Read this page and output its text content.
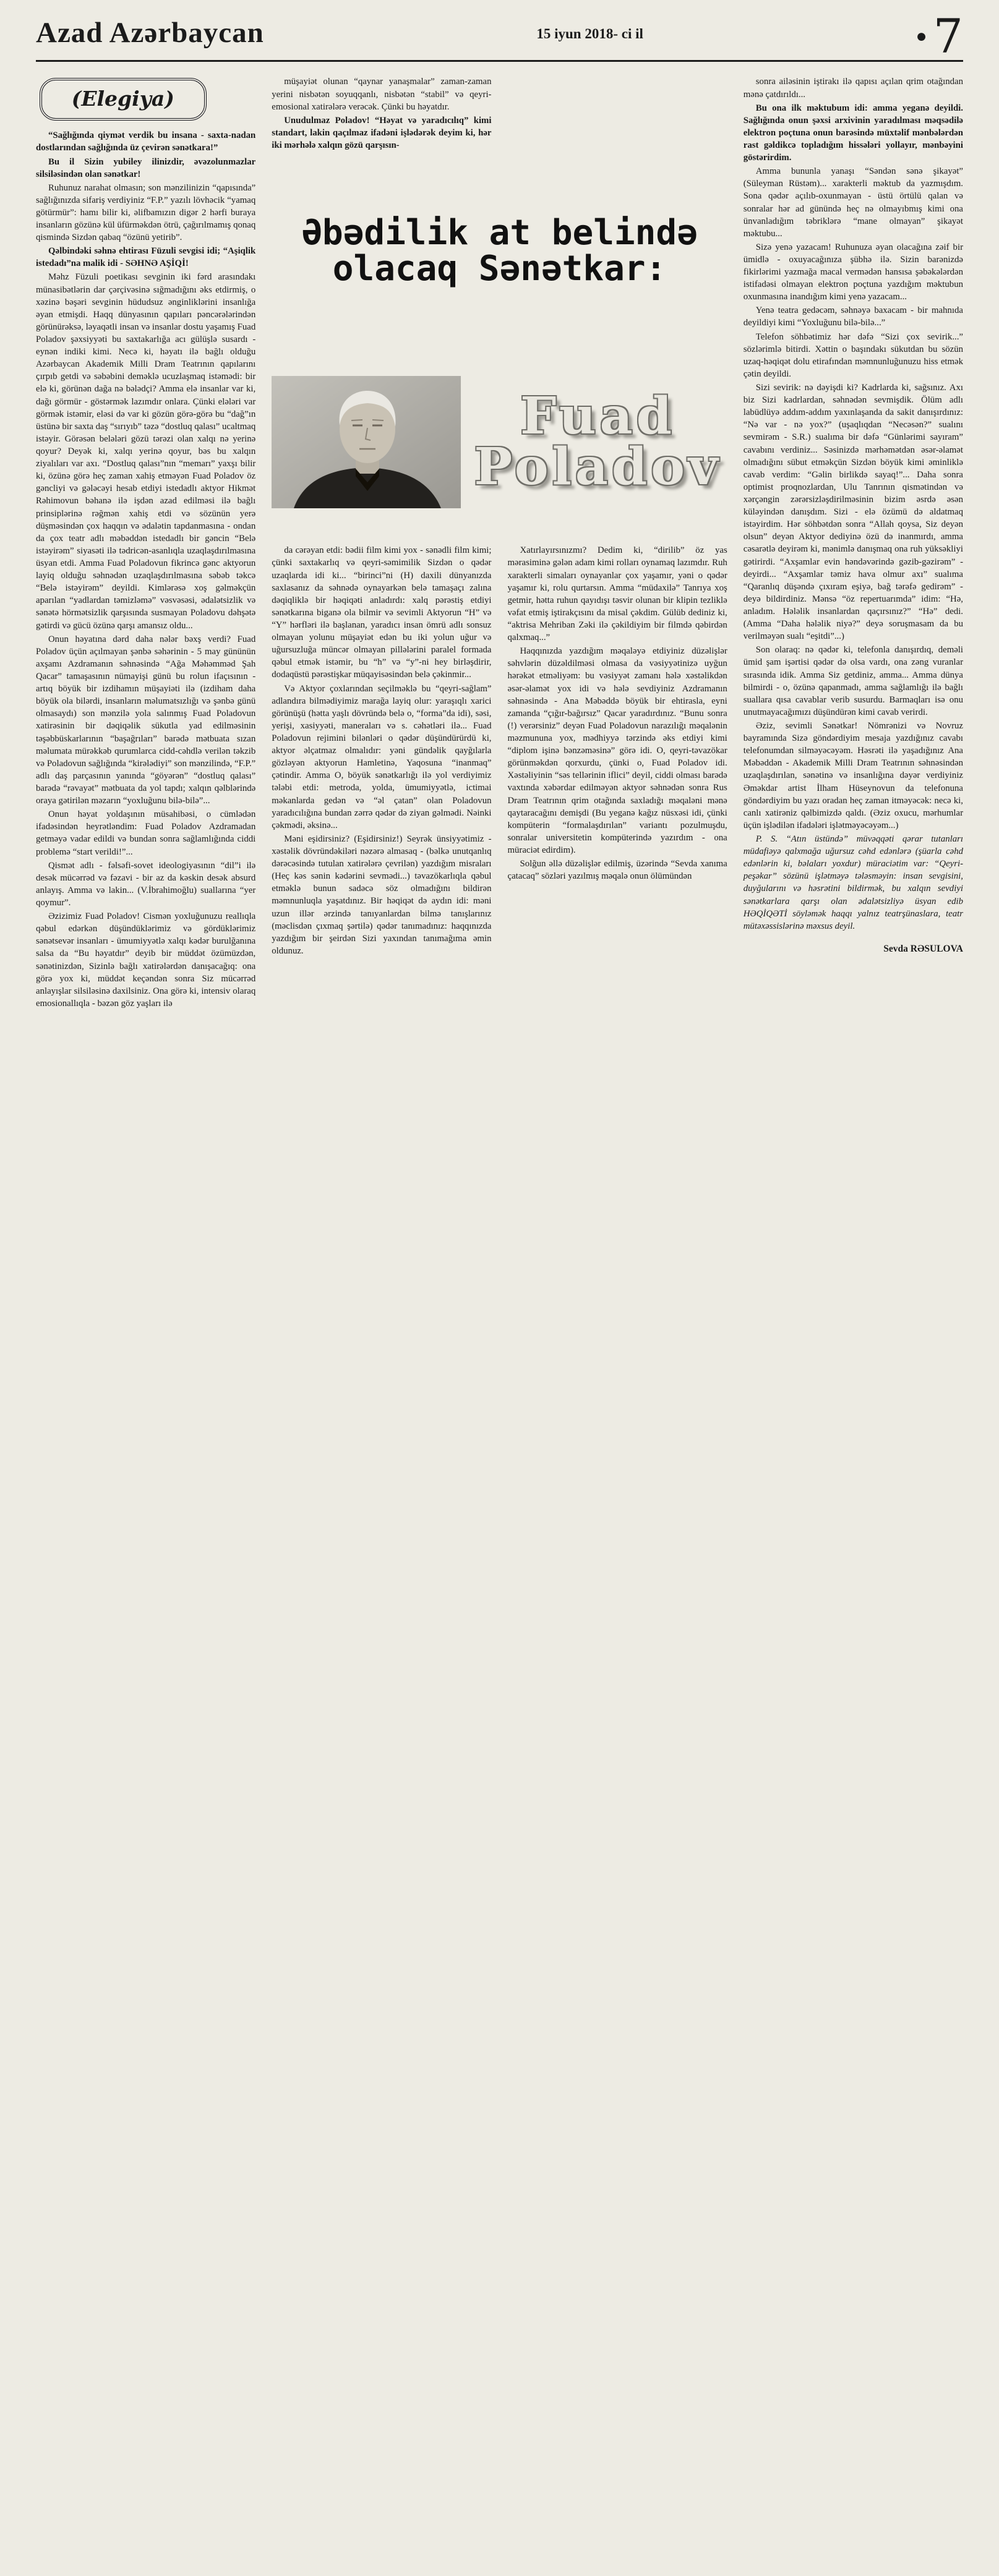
Azad Azərbaycan	15 iyun 2018- ci il	● 7
(Elegiya)

“Sağlığında qiymət verdik bu insana - saxta-nadan dostlarından sağlığında üz çevirən sənətkara!”

Bu il Sizin yubiley ilinizdir, əvəzolunmazlar silsiləsindən olan sənətkar!

Ruhunuz narahat olmasın; son mənzilinizin “qapısında” sağlığınızda sifariş verdiyiniz “F.P.” yazılı lövhəcik “yamaq götürmür”: hamı bilir ki, əlifbamızın digər 2 hərfi buraya insanların gözünə kül üfürməkdən ötrü, çağırılmamış qonaq qismində Sizdən qabaq “özünü yetirib”.

Qəlbindəki səhnə ehtirası Füzuli sevgisi idi; “Aşiqlik istedadı”na malik idi - SƏHNƏ AŞİQİ!

Məhz Füzuli poetikası sevginin iki fərd arasındakı münasibətlərin dar çərçivəsinə sığmadığını əks etdirmiş, o xəzinə bəşəri sevginin hüdudsuz ənginliklərini insanlığa əyan etmişdi. Haqq dünyasının qapıları pəncərələrindən görünürəksə, ləyaqətli insan və insanlar dostu yaşamış Fuad Poladov şəxsiyyəti bu saxtakarlığa acı gülüşlə susardı - eynən indiki kimi. Necə ki, həyatı ilə bağlı olduğu Azərbaycan Akademik Milli Dram Teatrının qapılarını çırpıb getdi və səbəbini deməklə ucuzlaşmaq istəmədi: bir elə ki, görünən dağa nə bələdçi? Amma elə insanlar var ki, dağı görmür - göstərmək lazımdır onlara. Çünki elələri var görmək istəmir, eləsi də var ki gözün görə-görə bu “dağ”ın üstünə bir saxta daş “sırıyıb” təzə “dostluq qalası” ucaltmaq istəyir. Görəsən belələri gözü tərəzi olan xalqı nə yerinə qoyur? Deyək ki, xalqı yerinə qoyur, bəs bu xalqın ziyalıları var axı. “Dostluq qalası”nın “memarı” yaxşı bilir ki, özünə görə heç zaman xahiş etməyən Fuad Poladov öz gəncliyi və gələcəyi hesab etdiyi istedadlı aktyor Hikmət Rəhimovun bəhanə ilə işdən azad edilməsi ilə bağlı prinsiplərinə rəğmən xahiş etdi və sözünün yerə düşməsindən çox haqqın və ədalətin tapdanmasına - ondan da çox teatr adlı məbəddən istedadlı bir gəncin “Belə istəyirəm” siyasəti ilə tədricən-asanlıqla uzaqlaşdırılmasına üsyan etdi. Amma Fuad Poladovun fikrincə gənc aktyorun layiq olduğu səhnədən uzaqlaşdırılmasına səbəb təkcə “Belə istəyirəm” deyildi. Kimlərəsə xoş gəlməkçün aparılan “yadlardan təmizləmə” vəsvəsəsi, ədalətsizlik və sənətə hörmətsizlik qarşısında susmayan Poladovu dəhşətə gətirdi və gücü özünə qarşı amansız oldu...

Onun həyatına dərd daha nələr bəxş verdi? Fuad Poladov üçün açılmayan şənbə səhərinin - 5 may gününün axşamı Azdramanın səhnəsində “Ağa Məhəmməd Şah Qacar” tamaşasının nümayişi günü bu rolun ifaçısının - artıq böyük bir izdihamın müşayiəti ilə (izdiham daha böyük ola bilərdi, insanların məlumatsızlığı və şənbə günü olmasaydı) son mənzilə yola salınmış Fuad Poladovun xatirəsinin bir dəqiqəlik sükutla yad edilməsinin təşəbbüskarlarının “başağrıları” barədə mətbuata sızan məlumata mürəkkəb qurumlarca cidd-cəhdlə verilən təkzib və Poladovun sağlığında “kirələdiyi” son mənzilində, “F.P.” adlı daş parçasının yanında “göyərən” “dostluq qalası” barədə “rəvayət” mətbuata da yol tapdı; xalqın qəlblərində oraya gətirilən məzarın “yoxluğunu bilə-bilə”...

Onun həyat yoldaşının müsahibəsi, o cümlədən ifadəsindən heyrətləndim: Fuad Poladov Azdramadan getməyə vadar edildi və bundan sonra sağlamlığında ciddi problemə “start verildi!”...

Qismət adlı - fəlsəfi-sovet ideologiyasının “dil”i ilə desək mücərrəd və fəzavi - bir az da kəskin desək absurd anlayış. Amma və lakin... (V.İbrahimoğlu) suallarına “yer qoymur”.

Əzizimiz Fuad Poladov! Cismən yoxluğunuzu reallıqla qəbul edərkən düşündüklərimiz və gördüklərimiz sənətsevər insanları - ümumiyyətlə xalqı kədər burulğanına salsa da “Bu həyatdır” deyib bir müddət özümüzdən, sənətinizdən, Sizinlə bağlı xatirələrdən danışacağıq: ona görə yox ki, müddət keçəndən sonra Siz mücərrəd anlayışlar silsiləsinə daxilsiniz. Ona görə ki, intensiv olaraq emosionallıqla - bəzən göz yaşları ilə

müşayiət olunan “qaynar yanaşmalar” zaman-zaman yerini nisbətən soyuqqanlı, nisbətən “stabil” və qeyri-emosional xatirələrə verəcək. Çünki bu həyatdır.

Unudulmaz Poladov! “Həyat və yaradıcılıq” kimi standart, lakin qaçılmaz ifadəni işlədərək deyim ki, hər iki mərhələ xalqın gözü qarşısın-

Əbədilik at belində
olacaq Sənətkar:
Fuad
Poladov

da cərəyan etdi: bədii film kimi yox - sənədli film kimi; çünki saxtakarlıq və qeyri-səmimilik Sizdən o qədər uzaqlarda idi ki... “birinci”ni (H) daxili dünyanızda saxlasanız da səhnədə oynayarkən belə tamaşaçı zalına dəqiqliklə bir həqiqəti anladırdı: xalq pərəstiş etdiyi sənətkarına biganə ola bilmir və sevimli Aktyorun “H” və “Y” hərfləri ilə başlanan, yaradıcı insan ömrü adlı sonsuz olmayan yolunu müşayiət edən bu iki yolun uğur və uğursuzluğa müncər olmayan pillələrini paralel formada qəbul etmək istəmir, bu “h” və “y”-ni hey birləşdirir, dodaqüstü pərəstişkar müqayisəsindən belə çəkinmir...

Və Aktyor çoxlarından seçilməklə bu “qeyri-sağlam” adlandıra bilmədiyimiz marağa layiq olur: yaraşıqlı xarici görünüşü (hətta yaşlı dövründə belə o, “forma”da idi), səsi, yerişi, xasiyyəti, maneraları və s. cəhətləri ilə... Fuad Poladovun rejimini bilənləri o qədər düşündürürdü ki, aktyor əlçatmaz olmalıdır: yəni gündəlik qayğılarla gözləyən aktyorun Hamletinə, Yaqosuna “inanmaq” çətindir. Amma O, böyük sənətkarlığı ilə yol verdiyimiz tələbi etdi: metroda, yolda, ümumiyyətlə, ictimai məkanlarda gedən və “əl çatan” olan Poladovun yaradıcılığına bundan zərrə qədər də ziyan gəlmədi. Nəinki çəkmədi, əksinə...

Məni eşidirsiniz? (Eşidirsiniz!) Seyrək ünsiyyətimiz - xəstəlik dövründəkiləri nəzərə almasaq - (bəlkə unutqanlıq dərəcəsində tutulan xatirələrə çevrilən) yazdığım misraları (Heç kəs sənin kədərini sevmədi...) təvazökarlıqla qəbul etməklə bunun sadəcə söz olmadığını bildirən məmnunluqla yaşatdınız. Bir həqiqət də aydın idi: məni uzun illər ərzində tanıyanlardan bilmə tanışlarınız (məclisdən çıxmaq şərtilə) qədər tanımadınız: haqqınızda yazdığım bir şeirdən Sizi yaxından tanımağıma əmin oldunuz.

Xatırlayırsınızmı? Dedim ki, “dirilib” öz yas mərasiminə gələn adam kimi rolları oynamaq lazımdır. Ruh xarakterli simaları oynayanlar çox yaşamır, yəni o qədər yaşamır ki, rolu qurtarsın. Amma “müdaxilə” Tanrıya xoş getmir, hətta ruhun qayıdışı təsvir olunan bir klipin tezliklə vəfat etmiş iştirakçısını da misal çəkdim. Gülüb dediniz ki, “aktrisa Mehriban Zəki ilə çəkildiyim bir filmdə qəbirdən qalxmaq...”

Haqqınızda yazdığım məqaləyə etdiyiniz düzəlişlər səhvlərin düzəldilməsi olmasa da vəsiyyətinizə uyğun hərəkət etməliyəm: bu vəsiyyət zamanı hələ xəstəlikdən əsər-əlamət yox idi və hələ sevdiyiniz Azdramanın səhnəsində - Ana Məbəddə böyük bir ehtirasla, eyni zamanda “çığır-bağırsız” Qacar yaradırdınız. “Bunu sonra (!) verərsiniz” deyən Fuad Poladovun narazılığı məqalənin məzmununa yox, mədhiyyə tərzində əks etdiyi kimi “diplom işinə bənzəməsinə” görə idi. O, qeyri-təvazökar görünməkdən qorxurdu, çünki o, Fuad Poladov idi. Xəstəliyinin “səs tellərinin iflici” deyil, ciddi olması barədə vaxtında xəbərdar edilməyən aktyor səhnədən sonra Rus Dram Teatrının qrim otağında saxladığı məqaləni mənə qaytaracağını demişdi (Bu yeganə kağız nüsxəsi idi, çünki kompüterin “formalaşdırılan” variantı pozulmuşdu, sonralar universitetin kompüterində yazırdım - ona müraciət edirdim).

Solğun əllə düzəlişlər edilmiş, üzərində “Sevda xanıma çatacaq” sözləri yazılmış məqalə onun ölümündən

sonra ailəsinin iştirakı ilə qapısı açılan qrim otağından mənə çatdırıldı...

Bu ona ilk məktubum idi: amma yeganə deyildi. Sağlığında onun şəxsi arxivinin yaradılması məqsədilə elektron poçtuna onun barəsində müxtəlif mənbələrdən rast gəldikcə topladığım hissələri yollayır, mənbəyini göstərirdim.

Amma bununla yanaşı “Səndən sənə şikayət” (Süleyman Rüstəm)... xarakterli məktub da yazmışdım. Sona qədər açılıb-oxunmayan - üstü örtülü qalan və sonralar hər ad günündə heç nə olmayıbmış kimi ona ünvanladığım təbriklərə “mane olmayan” şikayət məktubu...

Sizə yenə yazacam! Ruhunuza əyan olacağına zəif bir ümidlə - oxuyacağınıza şübhə ilə. Sizin barənizdə fikirlərimi yazmağa macal vermədən hansısa şəbəkələrdən istifadəsi olmayan elektron poçtuna yazdığım məktubun oxunmasına inandığım kimi yenə yazacam...

Yenə teatra gedəcəm, səhnəyə baxacam - bir mahnıda deyildiyi kimi “Yoxluğunu bilə-bilə...”

Telefon söhbətimiz hər dəfə “Sizi çox sevirik...” sözlərimlə bitirdi. Xəttin o başındakı sükutdan bu sözün uzaq-həqiqət dolu etirafından məmnunluğunuzu hiss etmək çətin deyildi.

Sizi sevirik: nə dəyişdi ki? Kadrlarda ki, sağsınız. Axı biz Sizi kadrlardan, səhnədən sevmişdik. Ölüm adlı labüdlüyə addım-addım yaxınlaşanda da sakit danışırdınız: “Nə var - nə yox?” (uşaqlıqdan “Necəsən?” sualını sevmirəm - S.R.) sualıma bir dəfə “Günlərimi sayıram” cavabını verdiniz... Səsinizdə mərhəmətdən əsər-əlamət olmadığını sübut etməkçün Sizdən böyük kimi əminliklə cavab verdim: “Gəlin birlikdə sayaq!”... Daha sonra optimist proqnozlardan, Ulu Tanrının qismətindən və xərçəngin zərərsizləşdirilməsinin bizim əsrdə əsən küləyindən danışdım. Sizi - elə özümü də aldatmaq istəyirdim. Hər söhbətdən sonra “Allah qoysa, Siz deyən olsun” deyən Aktyor dediyinə özü də inanmırdı, amma cəsarətlə deyirəm ki, mənimlə danışmaq ona ruh yüksəkliyi gətirirdi. “Axşamlar evin həndəvərində gəzib-gəzirəm” - deyirdi... “Axşamlar təmiz hava olmur axı” sualıma “Qaranlıq düşəndə çıxıram eşiyə, bağ tərəfə gedirəm” - deyə bildirdiniz. Mənsə “öz repertuarımda” idim: “Hə, anladım. Hələlik insanlardan qaçırsınız?” “Hə” dedi. (Amma “Daha hələlik niyə?” deyə soruşmasam da bu verilməyən sualı “eşitdi”...)

Son olaraq: nə qədər ki, telefonla danışırdıq, deməli ümid şam işərtisi qədər də olsa vardı, ona zəng vuranlar sırasında idik. Amma Siz getdiniz, amma... Amma dünya bilmirdi - o, özünə qapanmadı, amma sağlamlığı ilə bağlı suallara qısa cavablar verib susurdu. Barmaqları isə onu unutmayacağımızı düşündürən kimi cavab verirdi.

Əziz, sevimli Sənətkar! Nömrənizi və Novruz bayramında Sizə göndərdiyim mesaja yazdığınız cavabı telefonumdan silməyəcəyəm. Həsrəti ilə yaşadığınız Ana Məbəddən - Akademik Milli Dram Teatrının səhnəsindən uzaqlaşdırılan, sənətinə və insanlığına dəyər verdiyiniz Əməkdar artist İlham Hüseynovun da telefonuna göndərdiyim bu yazı oradan heç zaman itməyəcək: necə ki, canlı xatirəniz qəlbimizdə qaldı. (Əziz oxucu, mərhumlar üçün işlədilən ifadələri işlətməyəcəyəm...)

P. S. “Atın üstündə” müvəqqəti qərar tutanları müdafiəyə qalxmağa uğursuz cəhd edənlərə (şüarla cəhd edənlərin ki, bəlaları yoxdur) müraciətim var: “Qeyri-peşəkar” sözünü işlətməyə tələsməyin: insan sevgisini, duyğularını və həsrətini bildirmək, bu xalqın sevdiyi sənətkarlara qarşı olan ədalətsizliyə üsyan edib HƏQİQƏTİ söyləmək haqqı yalnız teatrşünaslara, teatr mütəxəssislərinə məxsus deyil.

Sevda RƏSULOVA
